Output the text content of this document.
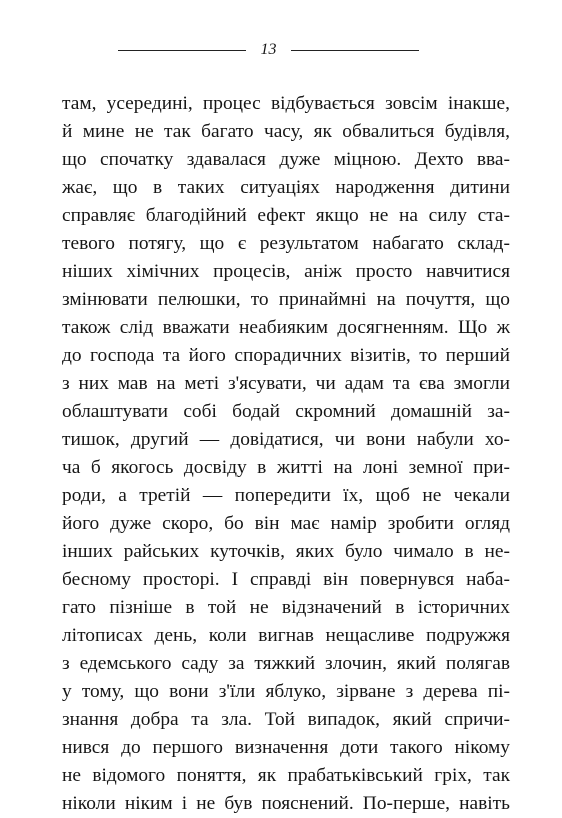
13
там, усередині, процес відбувається зовсім інакше,
й мине не так багато часу, як обвалиться будівля,
що спочатку здавалася дуже міцною. Дехто вва-
жає, що в таких ситуаціях народження дитини
справляє благодійний ефект якщо не на силу ста-
тевого потягу, що є результатом набагато склад-
ніших хімічних процесів, аніж просто навчитися
змінювати пелюшки, то принаймні на почуття, що
також слід вважати неабияким досягненням. Що ж
до господа та його спорадичних візитів, то перший
з них мав на меті з'ясувати, чи адам та єва змогли
облаштувати собі бодай скромний домашній за-
тишок, другий — довідатися, чи вони набули хо-
ча б якогось досвіду в житті на лоні земної при-
роди, а третій — попередити їх, щоб не чекали
його дуже скоро, бо він має намір зробити огляд
інших райських куточків, яких було чимало в не-
бесному просторі. І справді він повернувся наба-
гато пізніше в той не відзначений в історичних
літописах день, коли вигнав нещасливе подружжя
з едемського саду за тяжкий злочин, який полягав
у тому, що вони з'їли яблуко, зірване з дерева пі-
знання добра та зла. Той випадок, який спричи-
нився до першого визначення доти такого нікому
не відомого поняття, як прабатьківський гріх, так
ніколи ніким і не був пояснений. По-перше, навіть
